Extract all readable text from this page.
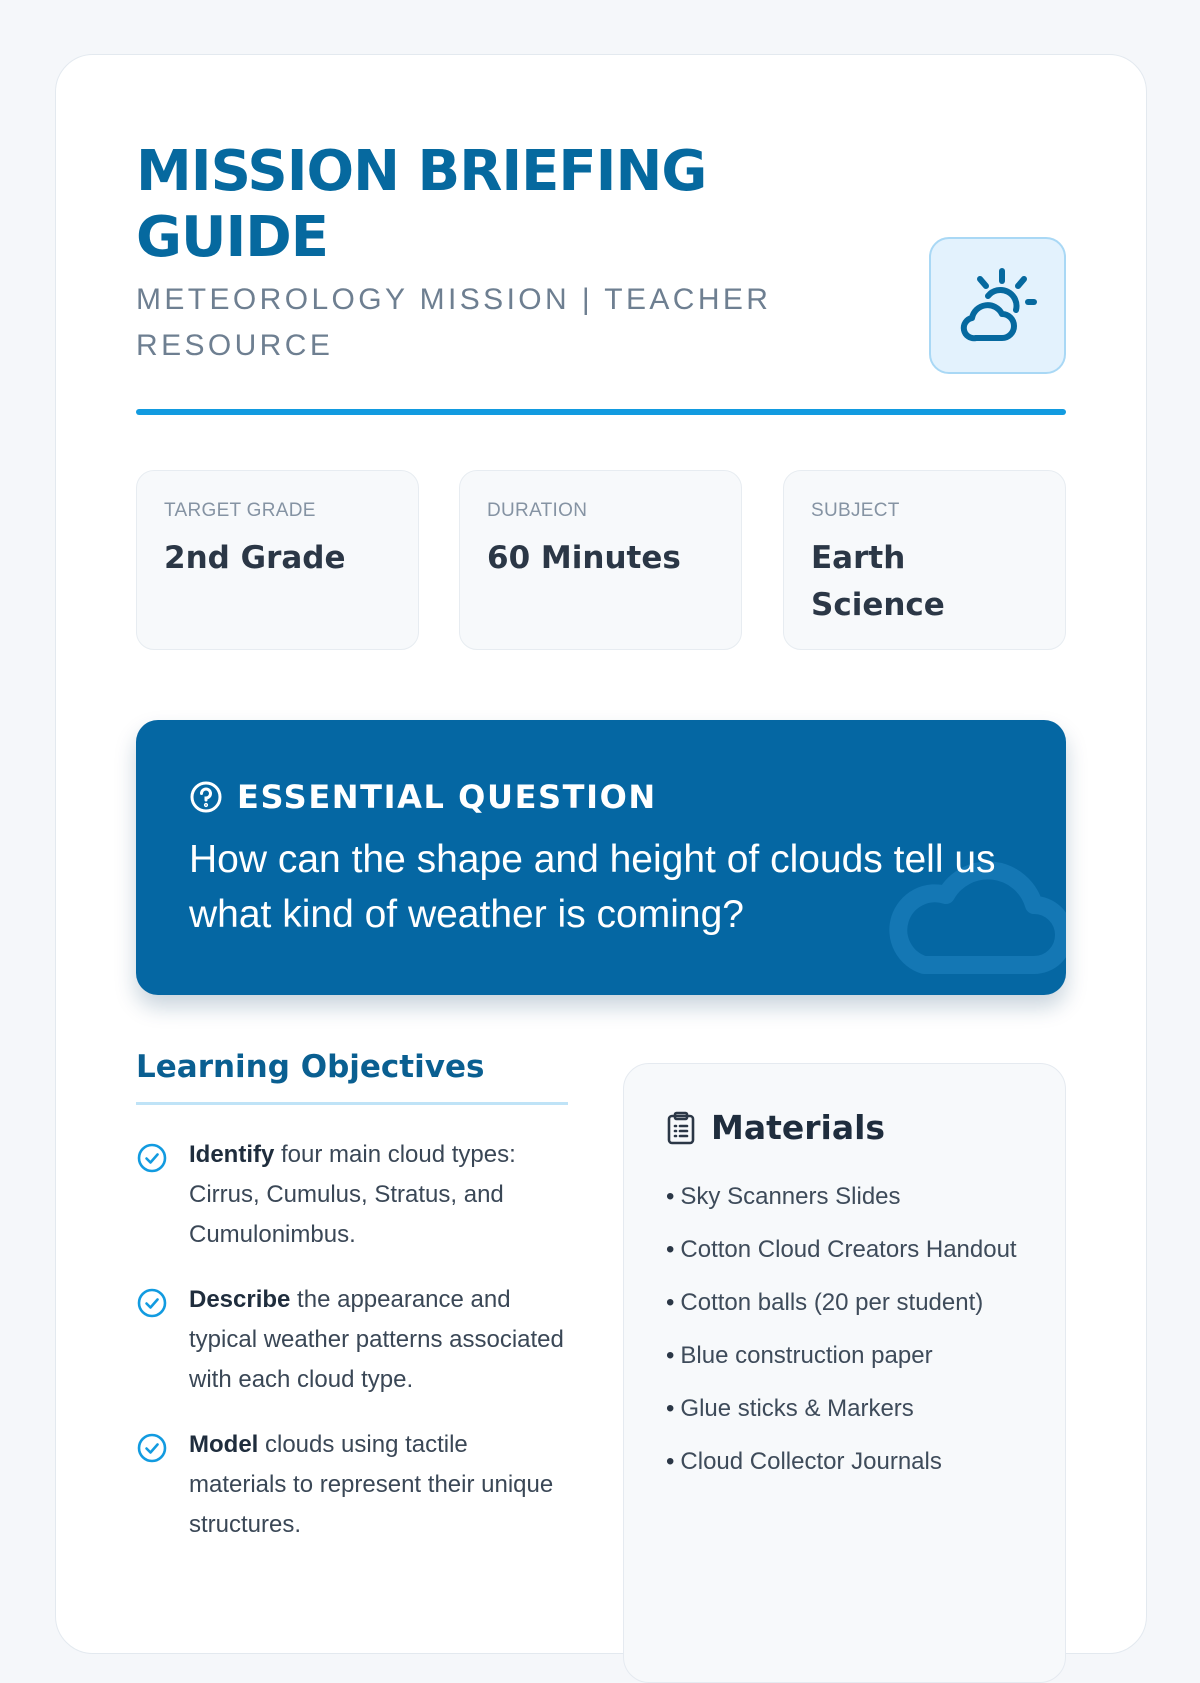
MISSION BRIEFING GUIDE
METEOROLOGY MISSION | TEACHER RESOURCE
TARGET GRADE
2nd Grade
DURATION
60 Minutes
SUBJECT
Earth Science
ESSENTIAL QUESTION
How can the shape and height of clouds tell us what kind of weather is coming?
Learning Objectives
Identify four main cloud types: Cirrus, Cumulus, Stratus, and Cumulonimbus.
Describe the appearance and typical weather patterns associated with each cloud type.
Model clouds using tactile materials to represent their unique structures.
Materials
• Sky Scanners Slides
• Cotton Cloud Creators Handout
• Cotton balls (20 per student)
• Blue construction paper
• Glue sticks & Markers
• Cloud Collector Journals
